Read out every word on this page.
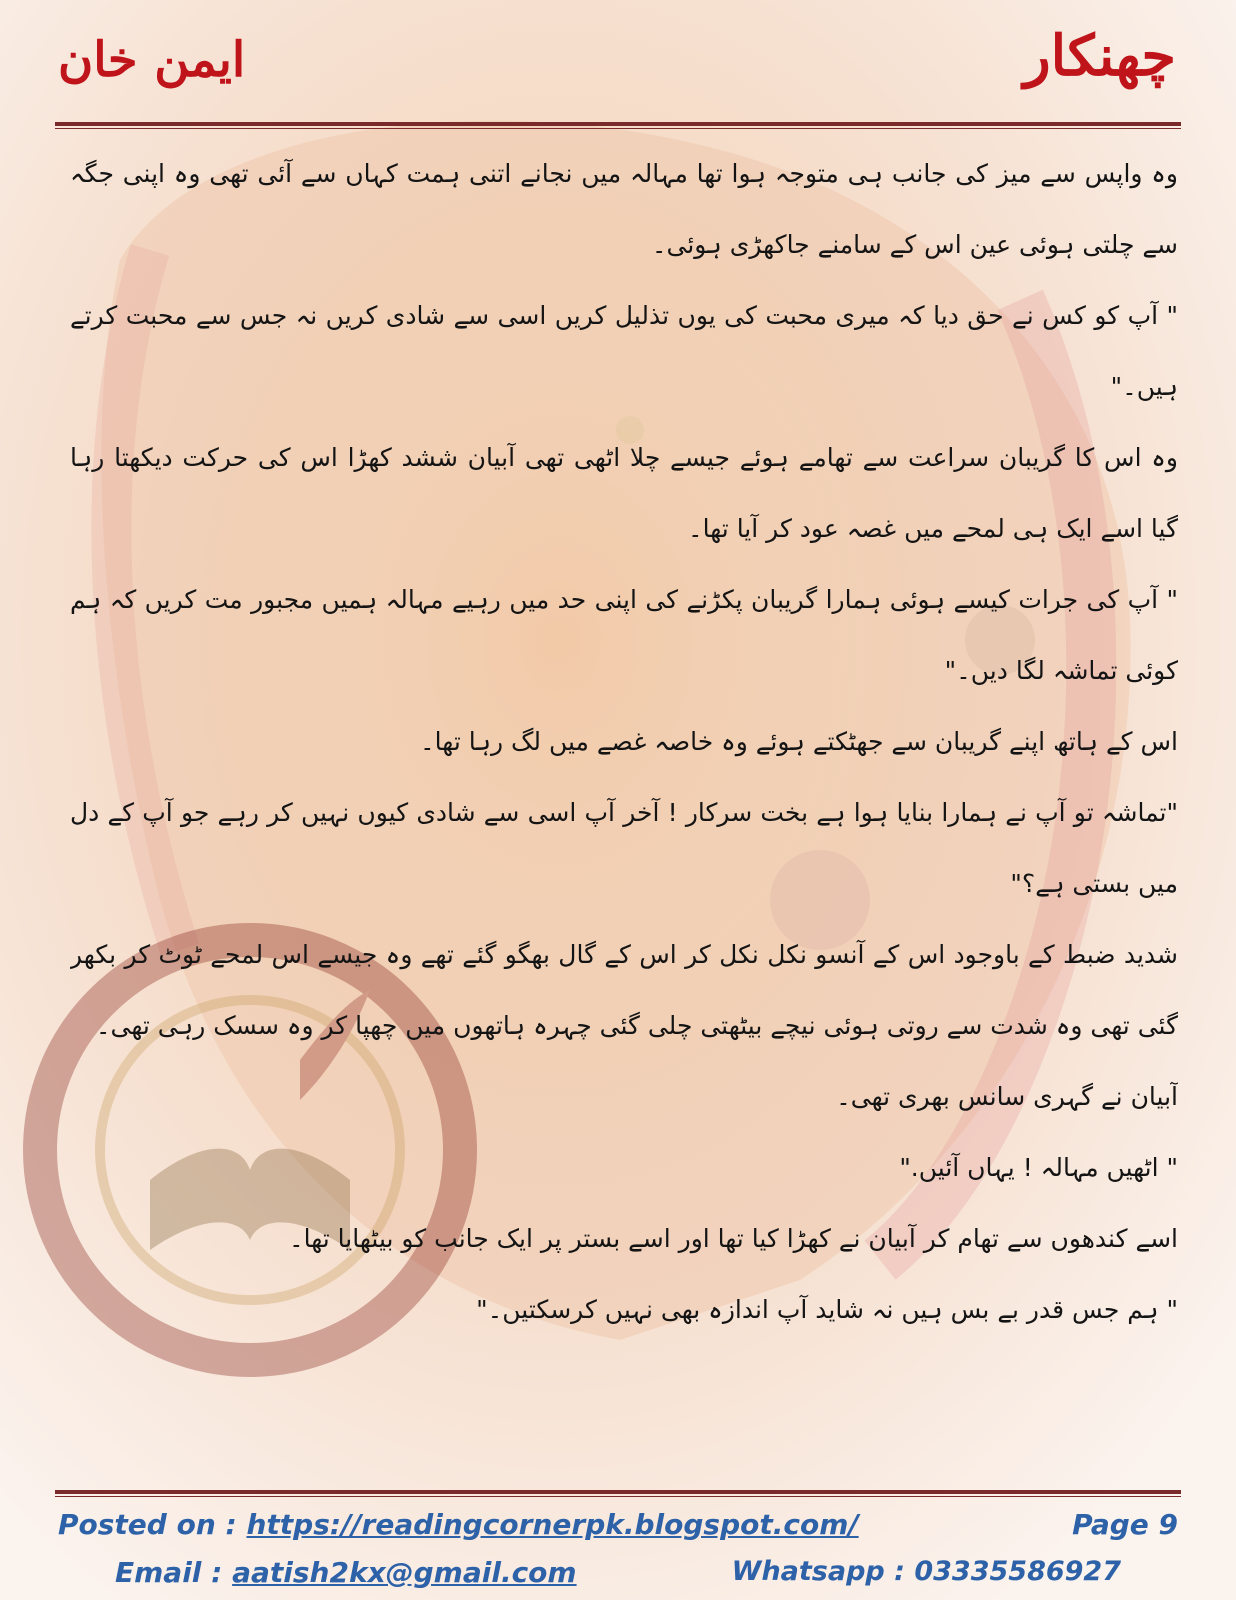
چھنکار
ایمن خان

وہ واپس سے میز کی جانب ہی متوجہ ہوا تھا مہالہ میں نجانے اتنی ہمت کہاں سے آئی تھی وہ اپنی جگہ سے چلتی ہوئی عین اس کے سامنے جاکھڑی ہوئی۔

" آپ کو کس نے حق دیا کہ میری محبت کی یوں تذلیل کریں اسی سے شادی کریں نہ جس سے محبت کرتے ہیں۔"

وہ اس کا گریبان سراعت سے تھامے ہوئے جیسے چلا اٹھی تھی آبیان ششد کھڑا اس کی حرکت دیکھتا رہا گیا اسے ایک ہی لمحے میں غصہ عود کر آیا تھا۔

" آپ کی جرات کیسے ہوئی ہمارا گریبان پکڑنے کی اپنی حد میں رہیے مہالہ ہمیں مجبور مت کریں کہ ہم کوئی تماشہ لگا دیں۔"

اس کے ہاتھ اپنے گریبان سے جھٹکتے ہوئے وہ خاصہ غصے میں لگ رہا تھا۔

"تماشہ تو آپ نے ہمارا بنایا ہوا ہے بخت سرکار ! آخر آپ اسی سے شادی کیوں نہیں کر رہے جو آپ کے دل میں بستی ہے؟"

شدید ضبط کے باوجود اس کے آنسو نکل نکل کر اس کے گال بھگو گئے تھے وہ جیسے اس لمحے ٹوٹ کر بکھر گئی تھی وہ شدت سے روتی ہوئی نیچے بیٹھتی چلی گئی چہرہ ہاتھوں میں چھپا کر وہ سسک رہی تھی۔

آبیان نے گہری سانس بھری تھی۔

" اٹھیں مہالہ ! یہاں آئیں."

اسے کندھوں سے تھام کر آبیان نے کھڑا کیا تھا اور اسے بستر پر ایک جانب کو بیٹھایا تھا۔

" ہم جس قدر بے بس ہیں نہ شاید آپ اندازہ بھی نہیں کرسکتیں۔"

Posted on : https://readingcornerpk.blogspot.com/	Page 9
Email : aatish2kx@gmail.com	Whatsapp : 03335586927
